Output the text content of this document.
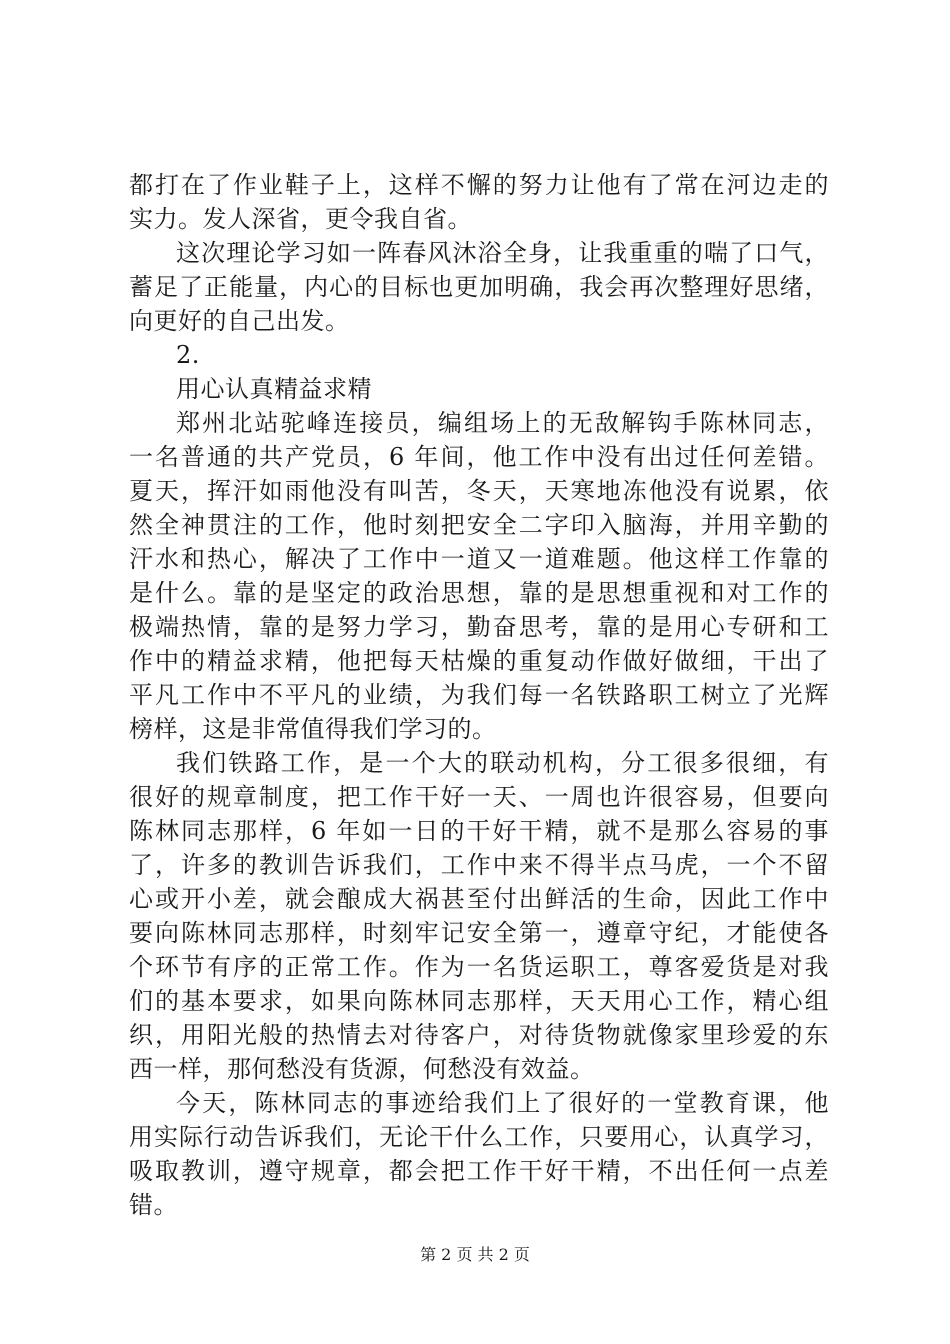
都打在了作业鞋子上，这样不懈的努力让他有了常在河边走的
实力。发人深省，更令我自省。
这次理论学习如一阵春风沐浴全身，让我重重的喘了口气，
蓄足了正能量，内心的目标也更加明确，我会再次整理好思绪，
向更好的自己出发。
2.
用心认真精益求精
郑州北站驼峰连接员，编组场上的无敌解钩手陈林同志，
一名普通的共产党员，6 年间，他工作中没有出过任何差错。
夏天，挥汗如雨他没有叫苦，冬天，天寒地冻他没有说累，依
然全神贯注的工作，他时刻把安全二字印入脑海，并用辛勤的
汗水和热心，解决了工作中一道又一道难题。他这样工作靠的
是什么。靠的是坚定的政治思想，靠的是思想重视和对工作的
极端热情，靠的是努力学习，勤奋思考，靠的是用心专研和工
作中的精益求精，他把每天枯燥的重复动作做好做细，干出了
平凡工作中不平凡的业绩，为我们每一名铁路职工树立了光辉
榜样，这是非常值得我们学习的。
我们铁路工作，是一个大的联动机构，分工很多很细，有
很好的规章制度，把工作干好一天、一周也许很容易，但要向
陈林同志那样，6 年如一日的干好干精，就不是那么容易的事
了，许多的教训告诉我们，工作中来不得半点马虎，一个不留
心或开小差，就会酿成大祸甚至付出鲜活的生命，因此工作中
要向陈林同志那样，时刻牢记安全第一，遵章守纪，才能使各
个环节有序的正常工作。作为一名货运职工，尊客爱货是对我
们的基本要求，如果向陈林同志那样，天天用心工作，精心组
织，用阳光般的热情去对待客户，对待货物就像家里珍爱的东
西一样，那何愁没有货源，何愁没有效益。
今天，陈林同志的事迹给我们上了很好的一堂教育课，他
用实际行动告诉我们，无论干什么工作，只要用心，认真学习，
吸取教训，遵守规章，都会把工作干好干精，不出任何一点差
错。
第 2 页 共 2 页
